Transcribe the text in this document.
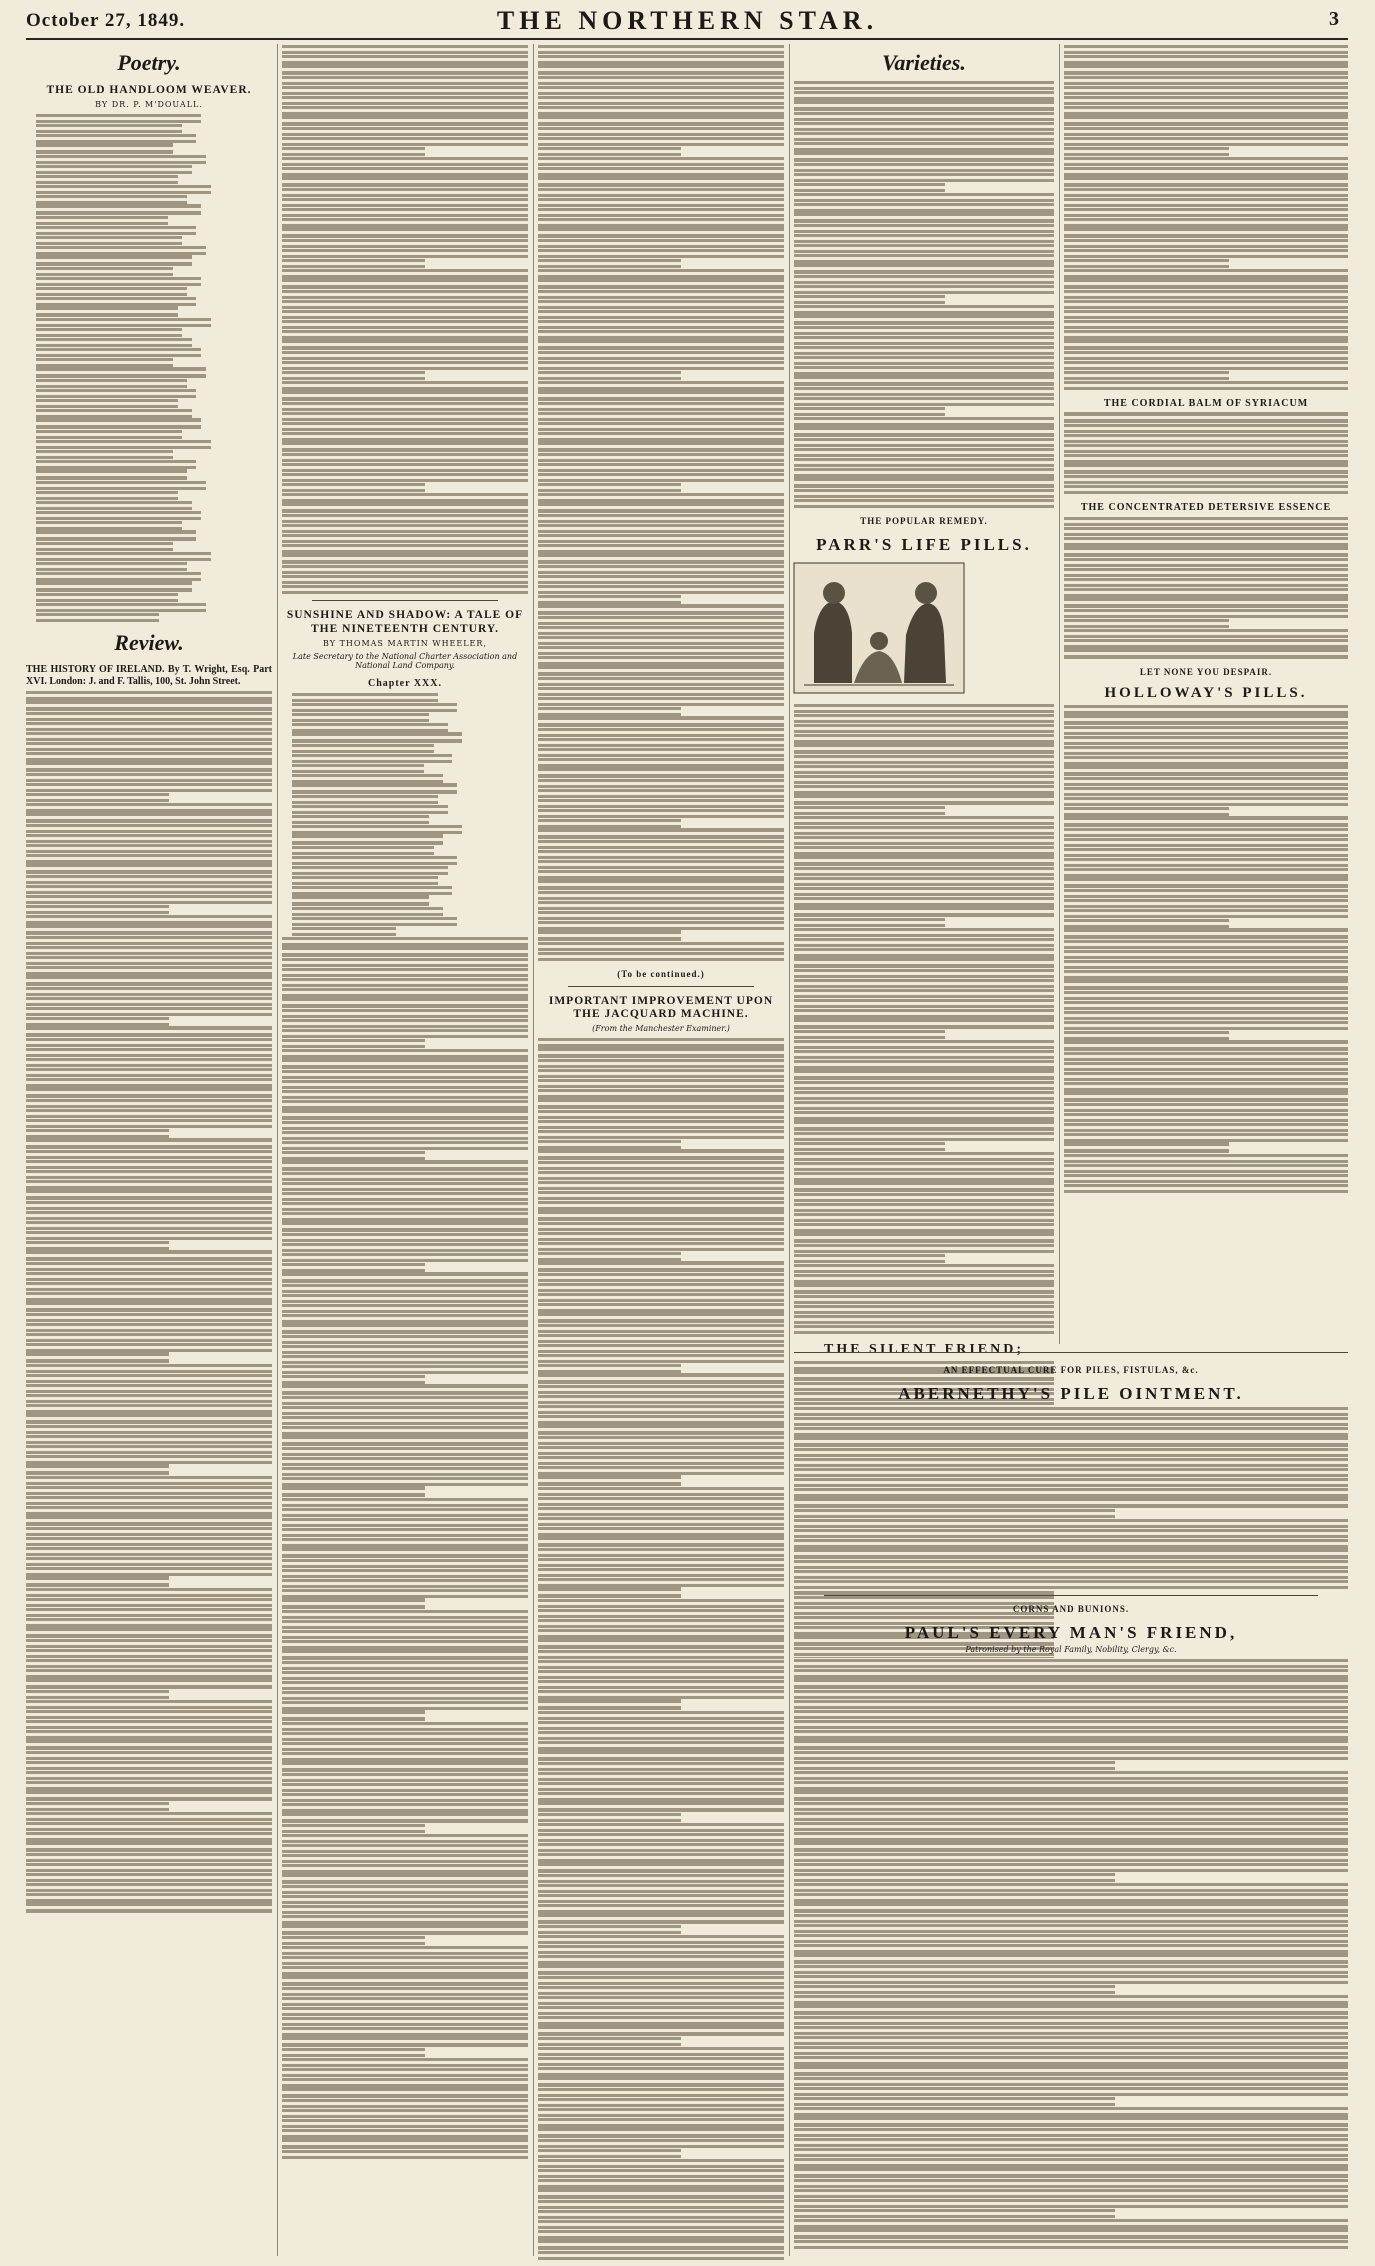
October 27, 1849.	THE NORTHERN STAR.	3
Poetry.
THE OLD HANDLOOM WEAVER.
BY DR. P. M'DOUALL.
Review.
THE HISTORY OF IRELAND. By T. Wright, Esq. Part XVI. London: J. and F. Tallis, 100, St. John Street.
SUNSHINE AND SHADOW: A TALE OF THE NINETEENTH CENTURY.
BY THOMAS MARTIN WHEELER,
Late Secretary to the National Charter Association and National Land Company.
Chapter XXX.
(To be continued.)
IMPORTANT IMPROVEMENT UPON THE JACQUARD MACHINE.
(From the Manchester Examiner.)
Varieties.
THE POPULAR REMEDY.
PARR'S LIFE PILLS.
THE SILENT FRIEND;
THE CORDIAL BALM OF SYRIACUM
THE CONCENTRATED DETERSIVE ESSENCE
LET NONE YOU DESPAIR.
HOLLOWAY'S PILLS.
AN EFFECTUAL CURE FOR PILES, FISTULAS, &c.
ABERNETHY'S PILE OINTMENT.
CORNS AND BUNIONS.
PAUL'S EVERY MAN'S FRIEND,
Patronised by the Royal Family, Nobility, Clergy, &c.
